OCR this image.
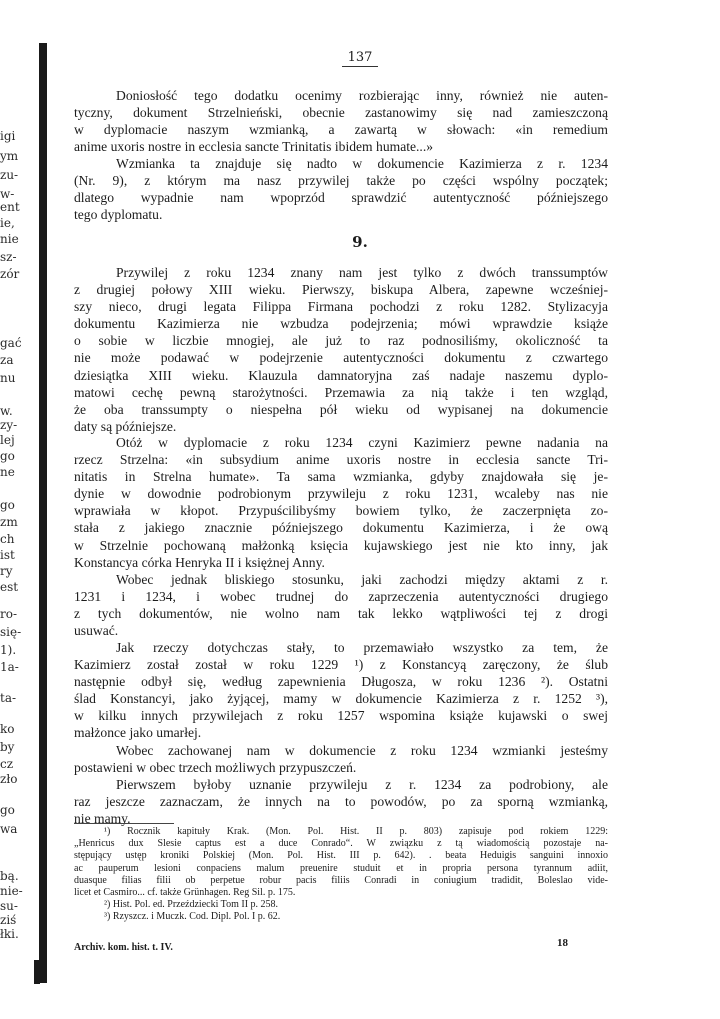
igi
ym
zu-
w-
ent
ie,
nie
sz-
zór
gać
za
nu
w.
zy-
lej
go
ne
go
zm
ch
ist
ry
est
ro-
się-
1).
1a-
ta-
ko
by
cz
zło
go
wa
bą.
nie-
su-
ziś
łki.
137
Doniosłość tego dodatku ocenimy rozbierając inny, również nie auten-
tyczny, dokument Strzelnieński, obecnie zastanowimy się nad zamieszczoną
w dyplomacie naszym wzmianką, a zawartą w słowach: «in remedium
anime uxoris nostre in ecclesia sancte Trinitatis ibidem humate...»
Wzmianka ta znajduje się nadto w dokumencie Kazimierza z r. 1234
(Nr. 9), z którym ma nasz przywilej także po części wspólny początek;
dlatego wypadnie nam wpoprzód sprawdzić autentyczność późniejszego
tego dyplomatu.
9.
Przywilej z roku 1234 znany nam jest tylko z dwóch transsumptów
z drugiej połowy XIII wieku. Pierwszy, biskupa Albera, zapewne wcześniej-
szy nieco, drugi legata Filippa Firmana pochodzi z roku 1282. Stylizacyja
dokumentu Kazimierza nie wzbudza podejrzenia; mówi wprawdzie książe
o sobie w liczbie mnogiej, ale już to raz podnosiliśmy, okoliczność ta
nie może podawać w podejrzenie autentyczności dokumentu z czwartego
dziesiątka XIII wieku. Klauzula damnatoryjna zaś nadaje naszemu dyplo-
matowi cechę pewną starożytności. Przemawia za nią także i ten wzgląd,
że oba transsumpty o niespełna pół wieku od wypisanej na dokumencie
daty są późniejsze.
Otóż w dyplomacie z roku 1234 czyni Kazimierz pewne nadania na
rzecz Strzelna: «in subsydium anime uxoris nostre in ecclesia sancte Tri-
nitatis in Strelna humate». Ta sama wzmianka, gdyby znajdowała się je-
dynie w dowodnie podrobionym przywileju z roku 1231, wcaleby nas nie
wprawiała w kłopot. Przypuścilibyśmy bowiem tylko, że zaczerpnięta zo-
stała z jakiego znacznie późniejszego dokumentu Kazimierza, i że ową
w Strzelnie pochowaną małżonką księcia kujawskiego jest nie kto inny, jak
Konstancya córka Henryka II i księżnej Anny.
Wobec jednak bliskiego stosunku, jaki zachodzi między aktami z r.
1231 i 1234, i wobec trudnej do zaprzeczenia autentyczności drugiego
z tych dokumentów, nie wolno nam tak lekko wątpliwości tej z drogi
usuwać.
Jak rzeczy dotychczas stały, to przemawiało wszystko za tem, że
Kazimierz został został w roku 1229 ¹) z Konstancyą zaręczony, że ślub
następnie odbył się, według zapewnienia Długosza, w roku 1236 ²). Ostatni
ślad Konstancyi, jako żyjącej, mamy w dokumencie Kazimierza z r. 1252 ³),
w kilku innych przywilejach z roku 1257 wspomina książe kujawski o swej
małżonce jako umarłej.
Wobec zachowanej nam w dokumencie z roku 1234 wzmianki jesteśmy
postawieni w obec trzech możliwych przypuszczeń.
Pierwszem byłoby uznanie przywileju z r. 1234 za podrobiony, ale
raz jeszcze zaznaczam, że innych na to powodów, po za sporną wzmianką,
nie mamy.
¹) Rocznik kapituły Krak. (Mon. Pol. Hist. II p. 803) zapisuje pod rokiem 1229:
„Henricus dux Slesie captus est a duce Conrado“. W związku z tą wiadomością pozostaje na-
stępujący ustęp kroniki Polskiej (Mon. Pol. Hist. III p. 642). . beata Heduigis sanguini innoxio
ac pauperum lesioni conpaciens malum preuenire studuit et in propria persona tyrannum adiit,
duasque filias filii ob perpetue robur pacis filiis Conradi in coniugium tradidit, Boleslao vide-
licet et Casmiro... cf. także Grünhagen. Reg Sil. p. 175.
²) Hist. Pol. ed. Przeździecki Tom II p. 258.
³) Rzyszcz. i Muczk. Cod. Dipl. Pol. I p. 62.
Archiv. kom. hist. t. IV.	18
